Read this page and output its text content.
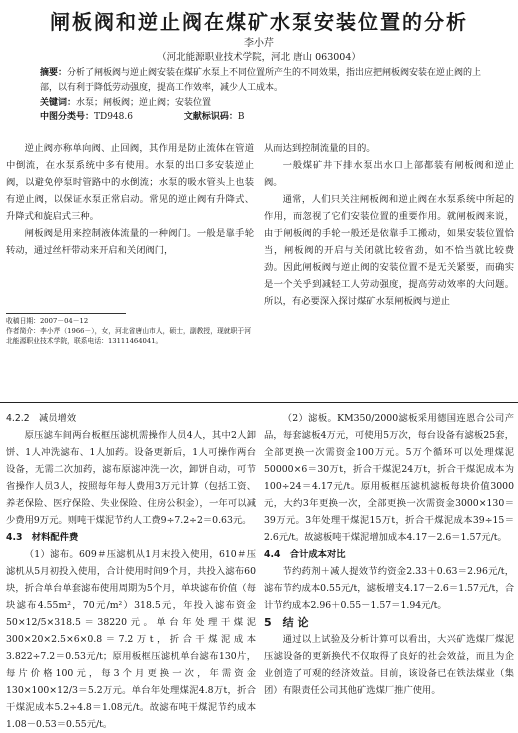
闸板阀和逆止阀在煤矿水泵安装位置的分析
李小芹
（河北能源职业技术学院，河北 唐山 063004）
摘要：分析了闸板阀与逆止阀安装在煤矿水泵上不同位置所产生的不同效果，指出应把闸板阀安装在逆止阀的上部，以有利于降低劳动强度，提高工作效率，减少人工成本。
关键词：水泵；闸板阀；逆止阀；安装位置
中图分类号：TD948.6	文献标识码：B

逆止阀亦称单向阀、止回阀，其作用是防止流体在管道中倒流，在水泵系统中多有使用。水泵的出口多安装逆止阀，以避免停泵时管路中的水倒流；水泵的吸水管头上也装有逆止阀，以保证水泵正常启动。常见的逆止阀有升降式、升降式和旋启式三种。

闸板阀是用来控制液体流量的一种阀门。一般是靠手轮转动，通过丝杆带动来开启和关闭阀门，

收稿日期：2007－04－12
作者简介：李小芹（1966－），女，河北省唐山市人，硕士，副教授，现就职于河北能源职业技术学院，联系电话：13111464041。

从而达到控制流量的目的。

一般煤矿井下排水泵出水口上部都装有闸板阀和逆止阀。

通常，人们只关注闸板阀和逆止阀在水泵系统中所起的作用，而忽视了它们安装位置的重要作用。就闸板阀来说，由于闸板阀的手轮一般还是依靠手工搬动，如果安装位置恰当，闸板阀的开启与关闭就比较省劲，如不恰当就比较费劲。因此闸板阀与逆止阀的安装位置不是无关紧要，而确实是一个关乎到减轻工人劳动强度，提高劳动效率的大问题。所以，有必要深入探讨煤矿水泵闸板阀与逆止

4.2.2　减员增效

原压滤车间两台板框压滤机需操作人员4人，其中2人卸饼、1人冲洗滤布、1人加药。设备更新后，1人可操作两台设备，无需二次加药，滤布原滤冲洗一次，卸饼自动，可节省操作人员3人，按照每年每人费用3万元计算（包括工资、养老保险、医疗保险、失业保险、住房公积金），一年可以减少费用9万元。则吨干煤泥节约人工费9÷7.2÷2＝0.63元。

4.3　材料配件费

（1）滤布。609＃压滤机从1月末投入使用，610＃压滤机从5月初投入使用，合计使用时间9个月，共投入滤布60块，折合单台单套滤布使用周期为5个月，单块滤布价值（每块滤布4.55m²，70元/m²）318.5元，年投入滤布资金50×12/5×318.5＝38220元。单台年处理干煤泥300×20×2.5×6×0.8＝7.2万t，折合干煤泥成本3.822÷7.2＝0.53元/t；原用板框压滤机单台滤布130片，每片价格100元，每3个月更换一次，年需资金130×100×12/3＝5.2万元。单台年处理煤泥4.8万t，折合干煤泥成本5.2÷4.8＝1.08元/t。故滤布吨干煤泥节约成本1.08－0.53＝0.55元/t。

（2）滤板。KM350/2000滤板采用德国连恩合公司产品，每套滤板4万元，可使用5万次，每台设备有滤板25套，全部更换一次需资金100万元。5万个循环可以处理煤泥50000×6＝30万t，折合干煤泥24万t，折合干煤泥成本为100÷24＝4.17元/t。原用板框压滤机滤板每块价值3000元，大约3年更换一次，全部更换一次需资金3000×130＝39万元。3年处理干煤泥15万t，折合干煤泥成本39÷15＝2.6元/t。故滤板吨干煤泥增加成本4.17－2.6＝1.57元/t。

4.4　合计成本对比

节约药剂＋减人提效节约资金2.33＋0.63＝2.96元/t，滤布节约成本0.55元/t，滤板增支4.17－2.6＝1.57元/t，合计节约成本2.96＋0.55－1.57＝1.94元/t。

5　结 论

通过以上试验及分析计算可以看出，大兴矿选煤厂煤泥压滤设备的更新换代不仅取得了良好的社会效益，而且为企业创造了可观的经济效益。目前，该设备已在铁法煤业（集团）有限责任公司其他矿选煤厂推广使用。
